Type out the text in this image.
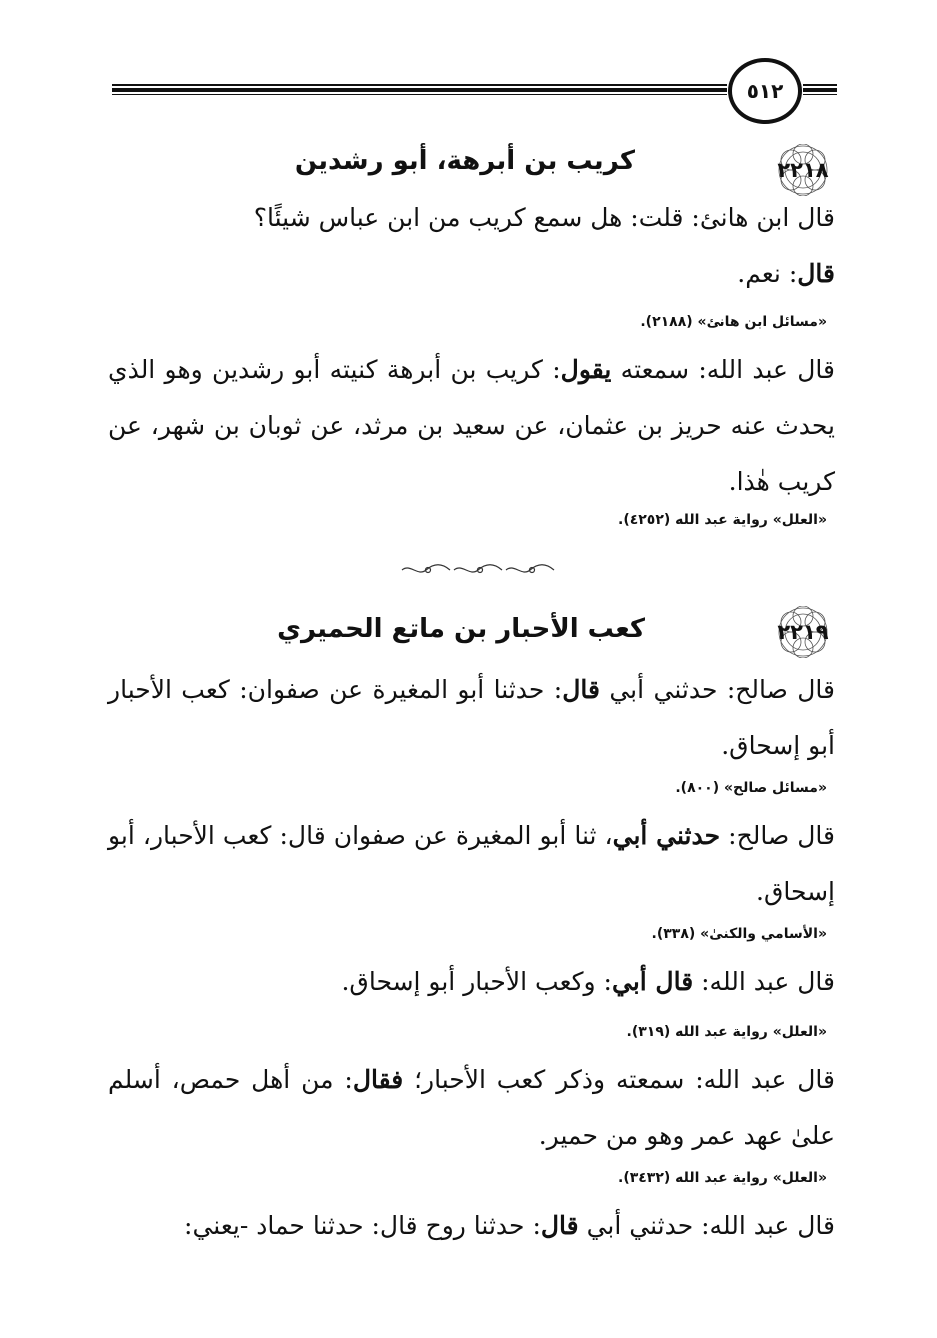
٥١٢
٢٢١٨
كريب بن أبرهة، أبو رشدين

قال ابن هانئ: قلت: هل سمع كريب من ابن عباس شيئًا؟
قال: نعم.

«مسائل ابن هانئ» (٢١٨٨).

قال عبد الله: سمعته يقول: كريب بن أبرهة كنيته أبو رشدين وهو الذي يحدث عنه حريز بن عثمان، عن سعيد بن مرثد، عن ثوبان بن شهر، عن كريب هٰذا.

«العلل» رواية عبد الله (٤٢٥٢).
٢٢١٩
كعب الأحبار بن ماتع الحميري

قال صالح: حدثني أبي قال: حدثنا أبو المغيرة عن صفوان: كعب الأحبار أبو إسحاق.

«مسائل صالح» (٨٠٠).

قال صالح: حدثني أبي، ثنا أبو المغيرة عن صفوان قال: كعب الأحبار، أبو إسحاق.

«الأسامي والكنىٰ» (٣٣٨).

قال عبد الله: قال أبي: وكعب الأحبار أبو إسحاق.

«العلل» رواية عبد الله (٣١٩).

قال عبد الله: سمعته وذكر كعب الأحبار؛ فقال: من أهل حمص، أسلم علىٰ عهد عمر وهو من حمير.

«العلل» رواية عبد الله (٣٤٣٢).

قال عبد الله: حدثني أبي قال: حدثنا روح قال: حدثنا حماد -يعني:
